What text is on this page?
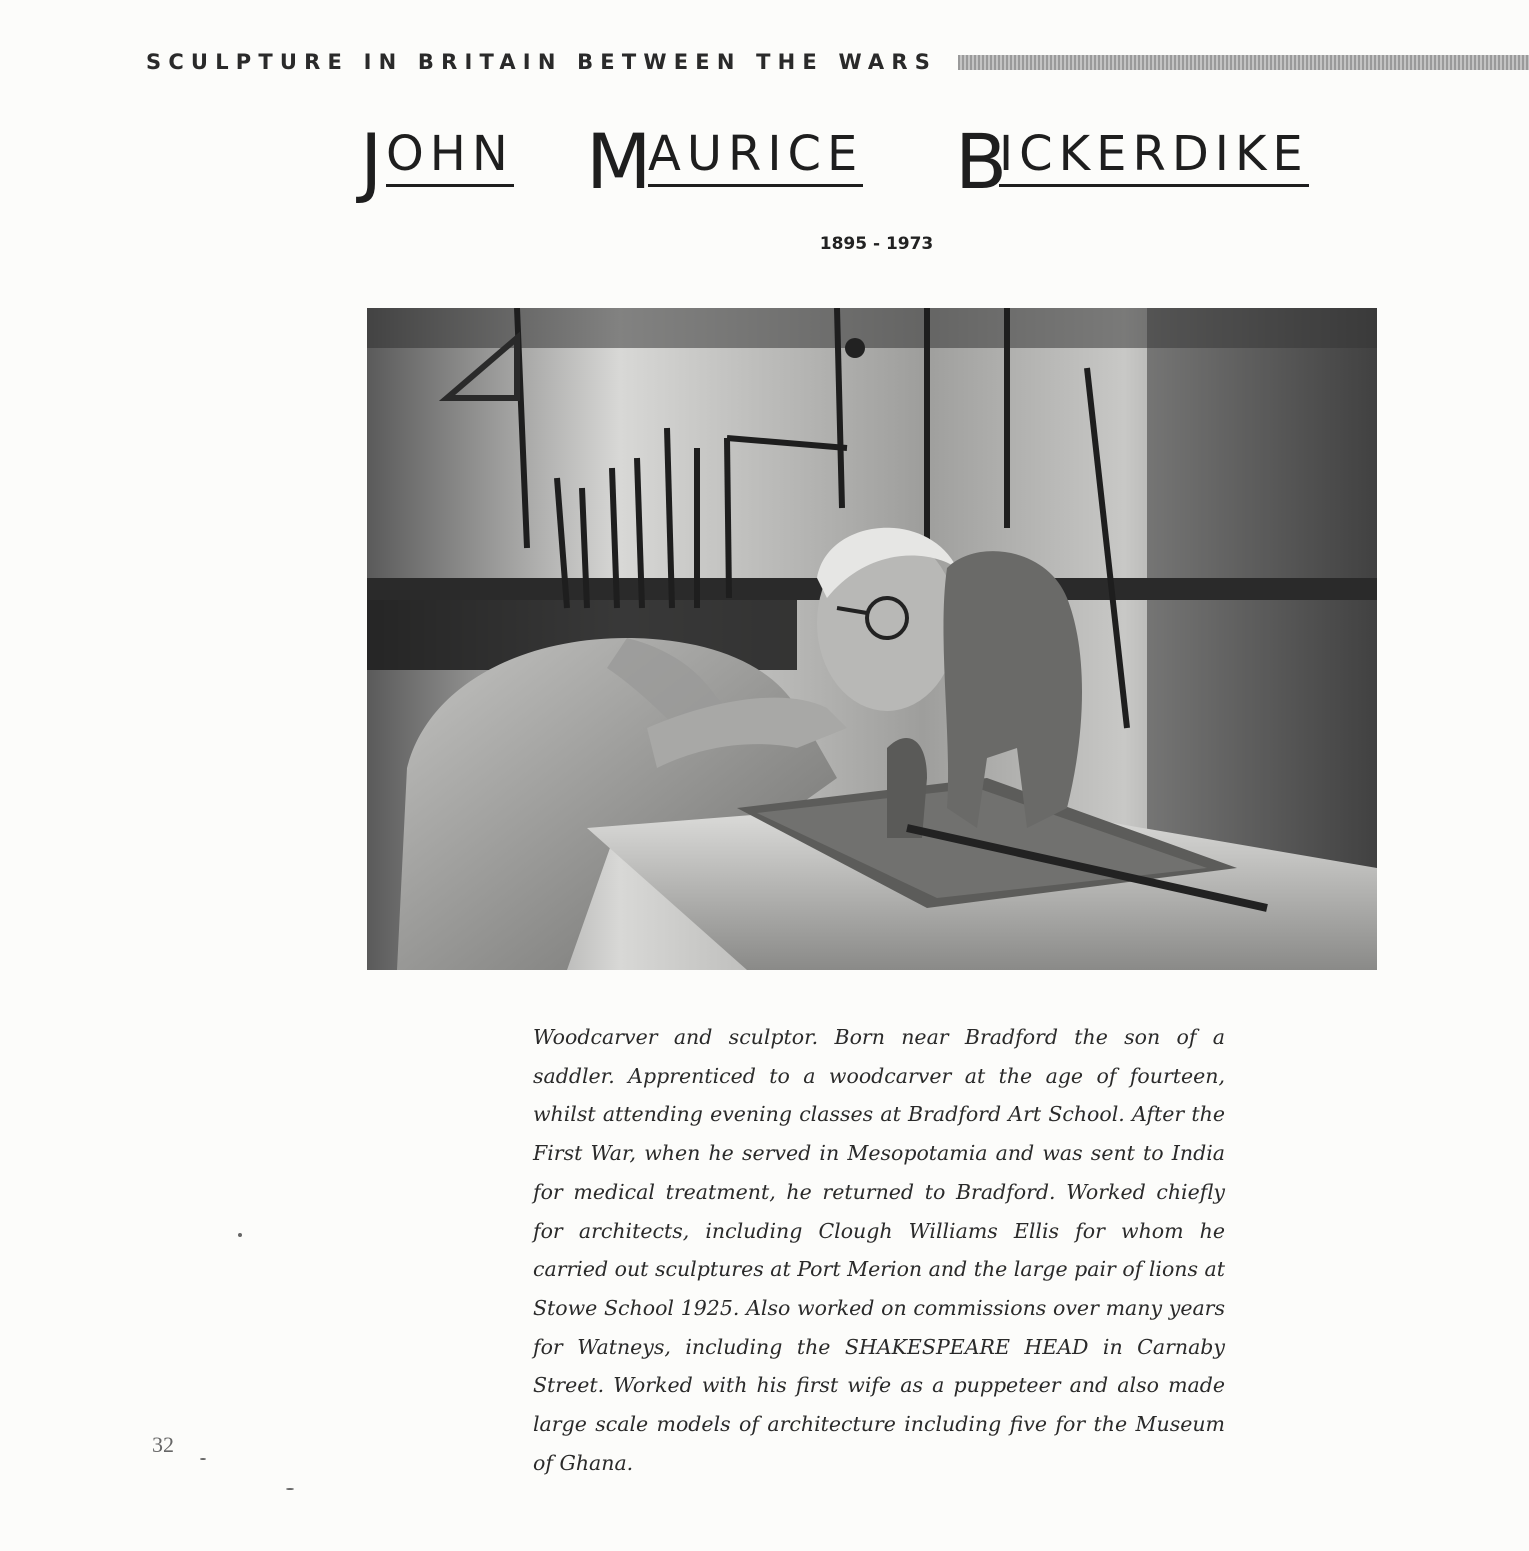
SCULPTURE IN BRITAIN BETWEEN THE WARS
J OHN M
AURICE B
ICKERDIKE
1895 - 1973
Woodcarver and sculptor. Born near Bradford the son of a saddler. Apprenticed to a woodcarver at the age of fourteen, whilst attending evening classes at Bradford Art School. After the First War, when he served in Mesopotamia and was sent to India for medical treatment, he returned to Bradford. Worked chiefly for architects, including Clough Williams Ellis for whom he carried out sculptures at Port Merion and the large pair of lions at Stowe School 1925. Also worked on commissions over many years for Watneys, including the SHAKESPEARE HEAD in Carnaby Street. Worked with his first wife as a puppeteer and also made large scale models of architecture including five for the Museum of Ghana.
32
